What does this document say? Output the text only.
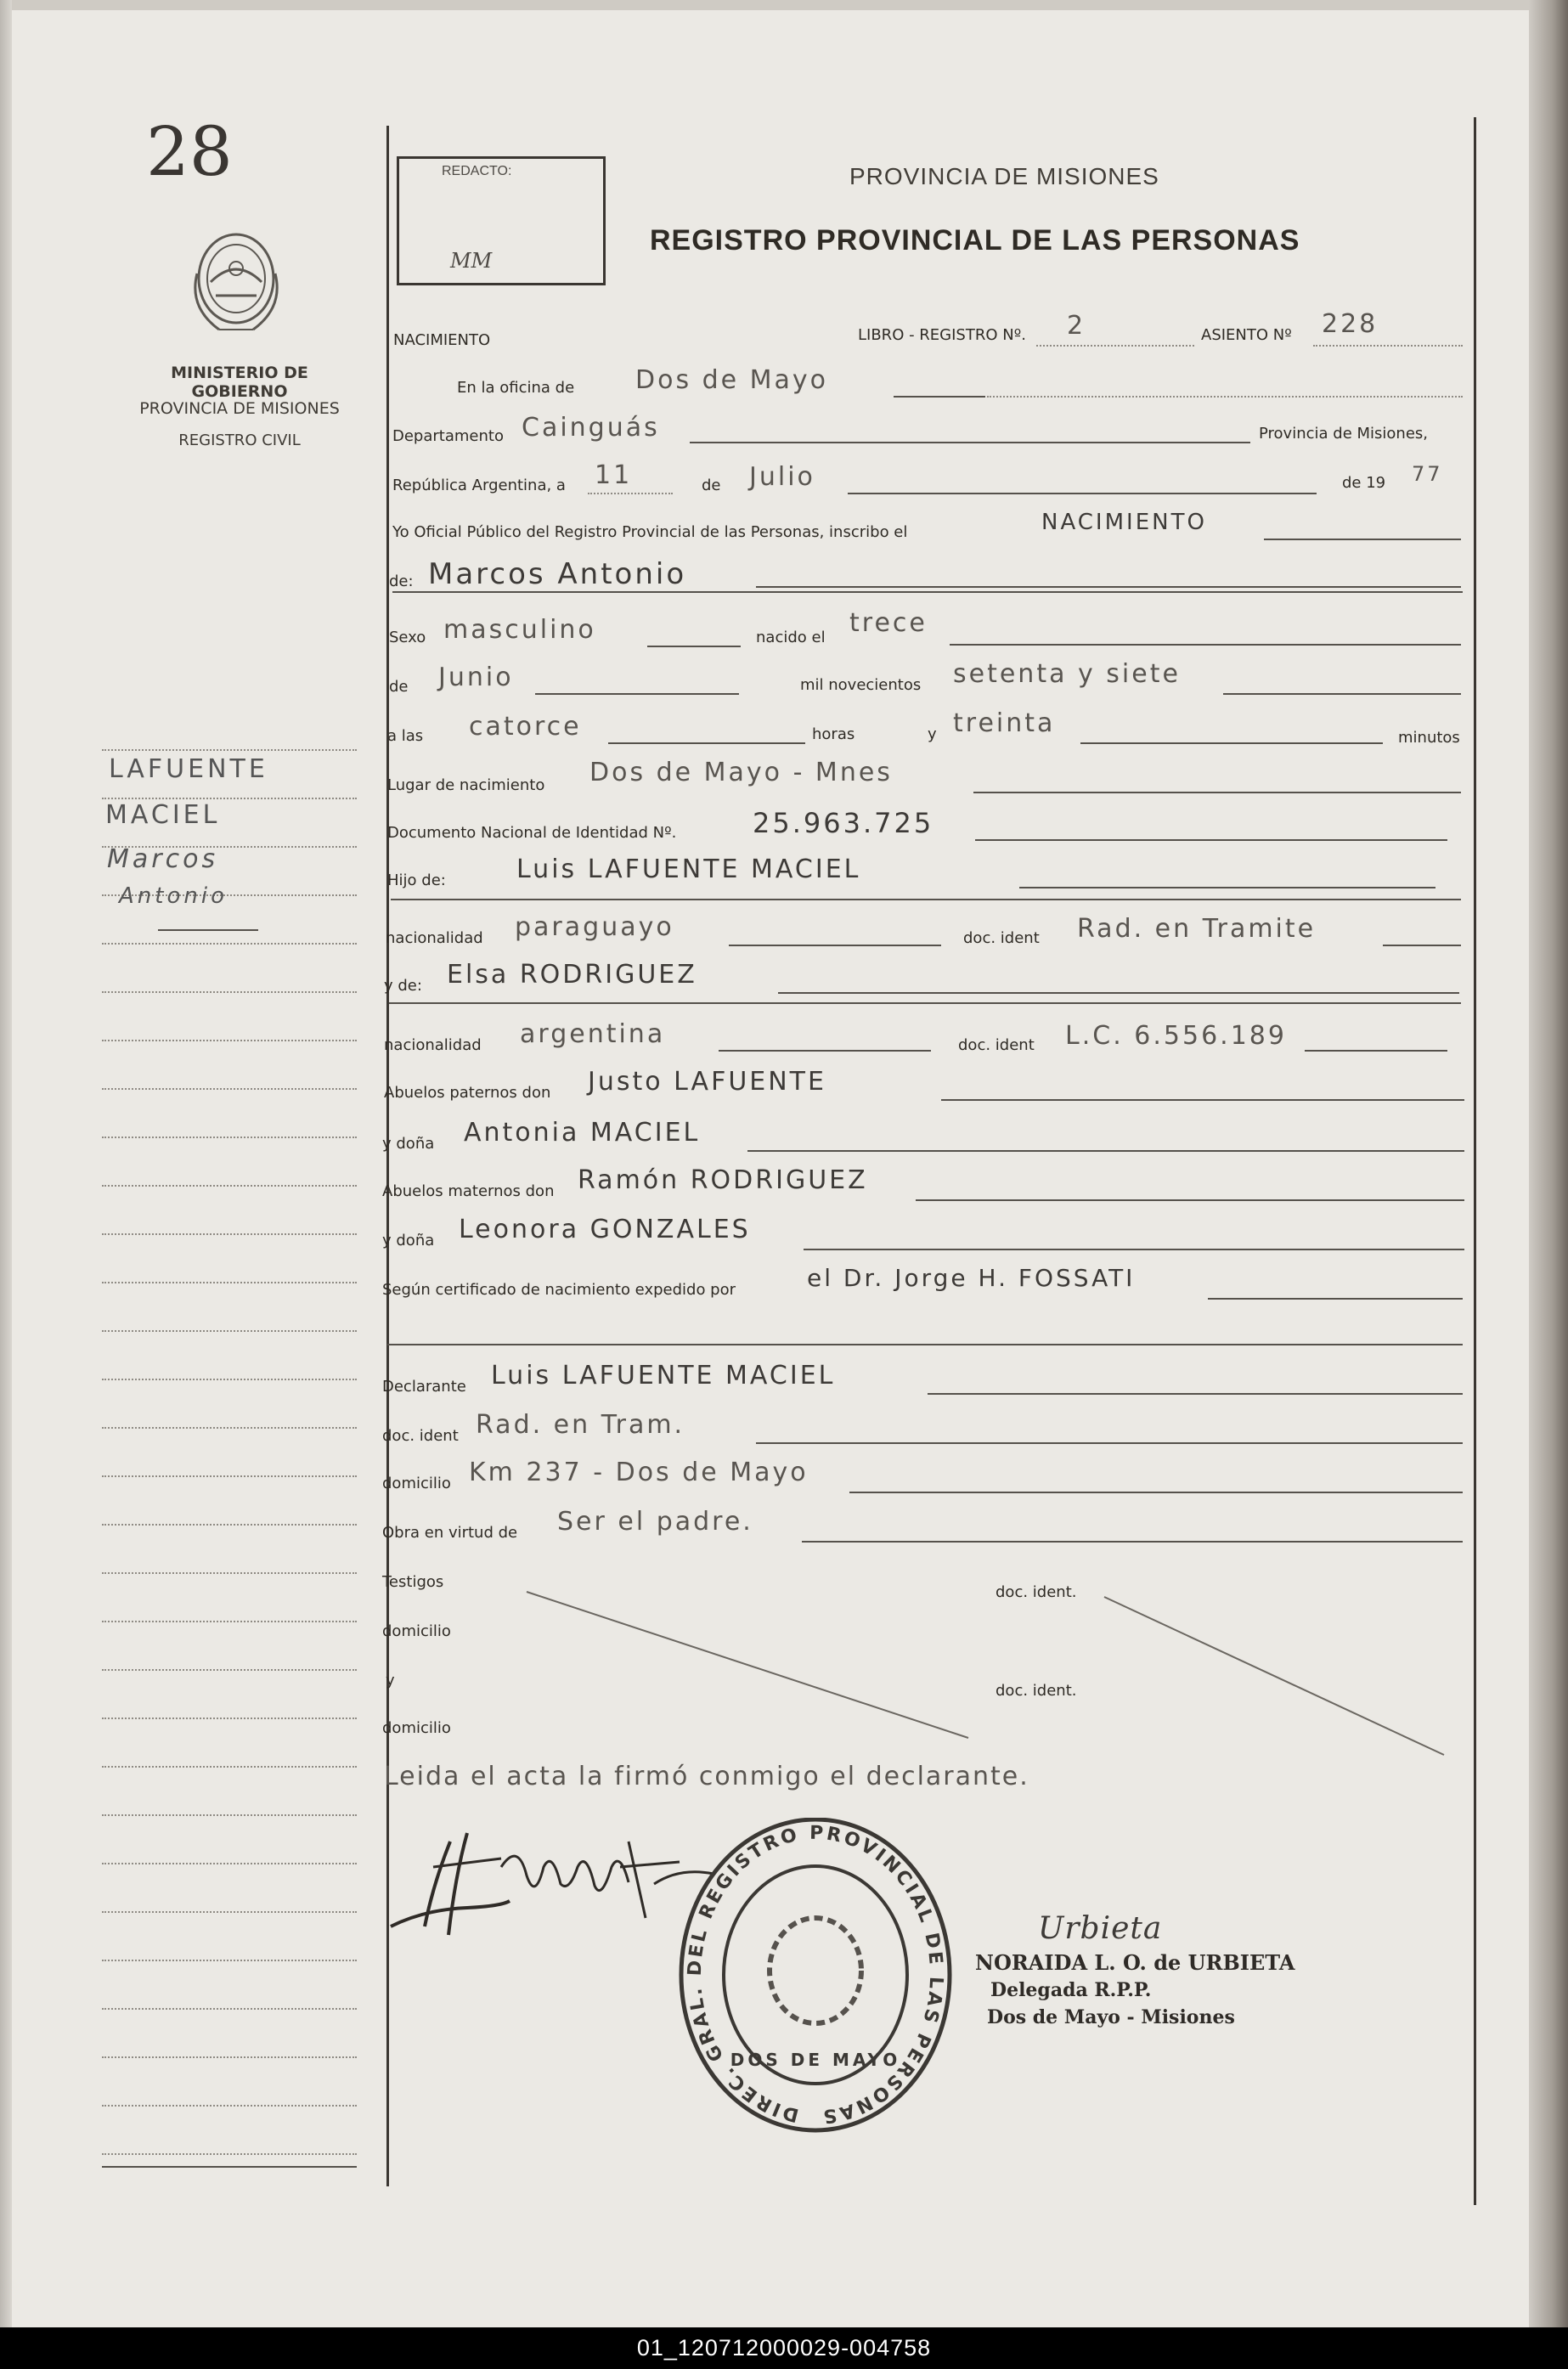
28
MINISTERIO DE GOBIERNO
PROVINCIA DE MISIONES
REGISTRO CIVIL
LAFUENTE
MACIEL
Marcos
Antonio
REDACTO:
MM
PROVINCIA DE MISIONES
REGISTRO PROVINCIAL DE LAS PERSONAS
NACIMIENTO	LIBRO - REGISTRO Nº. 2	ASIENTO Nº 228
En la oficina de Dos de Mayo
Departamento Cainguás	Provincia de Misiones,
República Argentina, a 11	de Julio	de 19 77
Yo Oficial Público del Registro Provincial de las Personas, inscribo el	NACIMIENTO
de: Marcos Antonio
Sexo masculino	nacido el trece
de Junio	mil novecientos setenta y siete
a las catorce	horas	y treinta	minutos
Lugar de nacimiento Dos de Mayo - Mnes
Documento Nacional de Identidad Nº.	25.963.725
Hijo de:	Luis LAFUENTE MACIEL
nacionalidad paraguayo	doc. ident Rad. en Tramite
y de: Elsa RODRIGUEZ
nacionalidad argentina	doc. ident L.C. 6.556.189
Abuelos paternos don Justo LAFUENTE
y doña Antonia MACIEL
Abuelos maternos don Ramón RODRIGUEZ
y doña Leonora GONZALES
Según certificado de nacimiento expedido por	el Dr. Jorge H. FOSSATI
Declarante Luis LAFUENTE MACIEL
doc. ident Rad. en Tram.
domicilio Km 237 - Dos de Mayo
Obra en virtud de Ser el padre.
Testigos
doc. ident.
domicilio
y
doc. ident.
domicilio
Leida el acta la firmó conmigo el declarante.
DIREC. GRAL. DEL REGISTRO PROVINCIAL DE LAS PERSONAS
DOS DE MAYO
Urbieta
NORAIDA L. O. de URBIETA
Delegada R.P.P.
Dos de Mayo - Misiones
01_120712000029-004758
